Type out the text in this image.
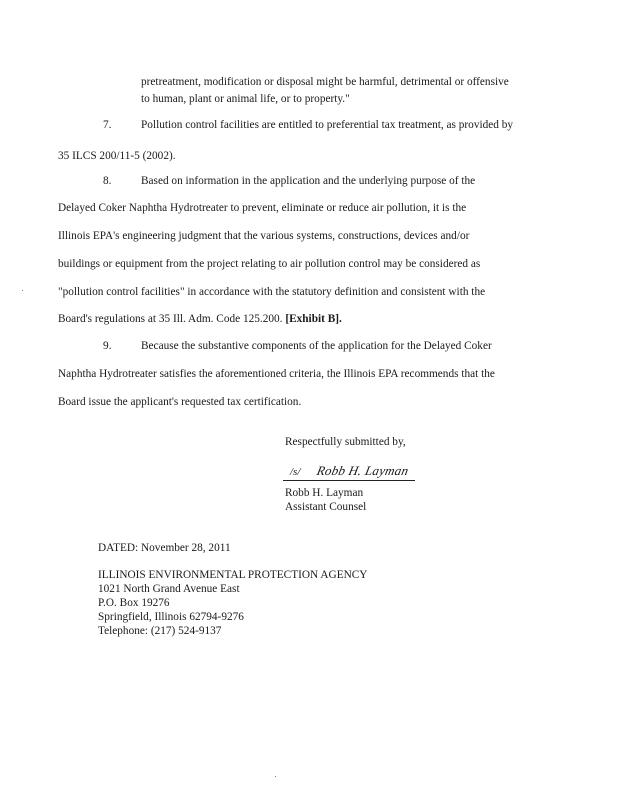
pretreatment, modification or disposal might be harmful, detrimental or offensive
to human, plant or animal life, or to property."
7.	Pollution control facilities are entitled to preferential tax treatment, as provided by
35 ILCS 200/11-5 (2002).
8.	Based on information in the application and the underlying purpose of the
Delayed Coker Naphtha Hydrotreater to prevent, eliminate or reduce air pollution, it is the
Illinois EPA's engineering judgment that the various systems, constructions, devices and/or
buildings or equipment from the project relating to air pollution control may be considered as
"pollution control facilities" in accordance with the statutory definition and consistent with the
Board's regulations at 35 Ill. Adm. Code 125.200. [Exhibit B].
9.	Because the substantive components of the application for the Delayed Coker
Naphtha Hydrotreater satisfies the aforementioned criteria, the Illinois EPA recommends that the
Board issue the applicant's requested tax certification.
Respectfully submitted by,
/s/ Robb H. Layman
Robb H. Layman
Assistant Counsel
DATED: November 28, 2011
ILLINOIS ENVIRONMENTAL PROTECTION AGENCY
1021 North Grand Avenue East
P.O. Box 19276
Springfield, Illinois 62794-9276
Telephone: (217) 524-9137
